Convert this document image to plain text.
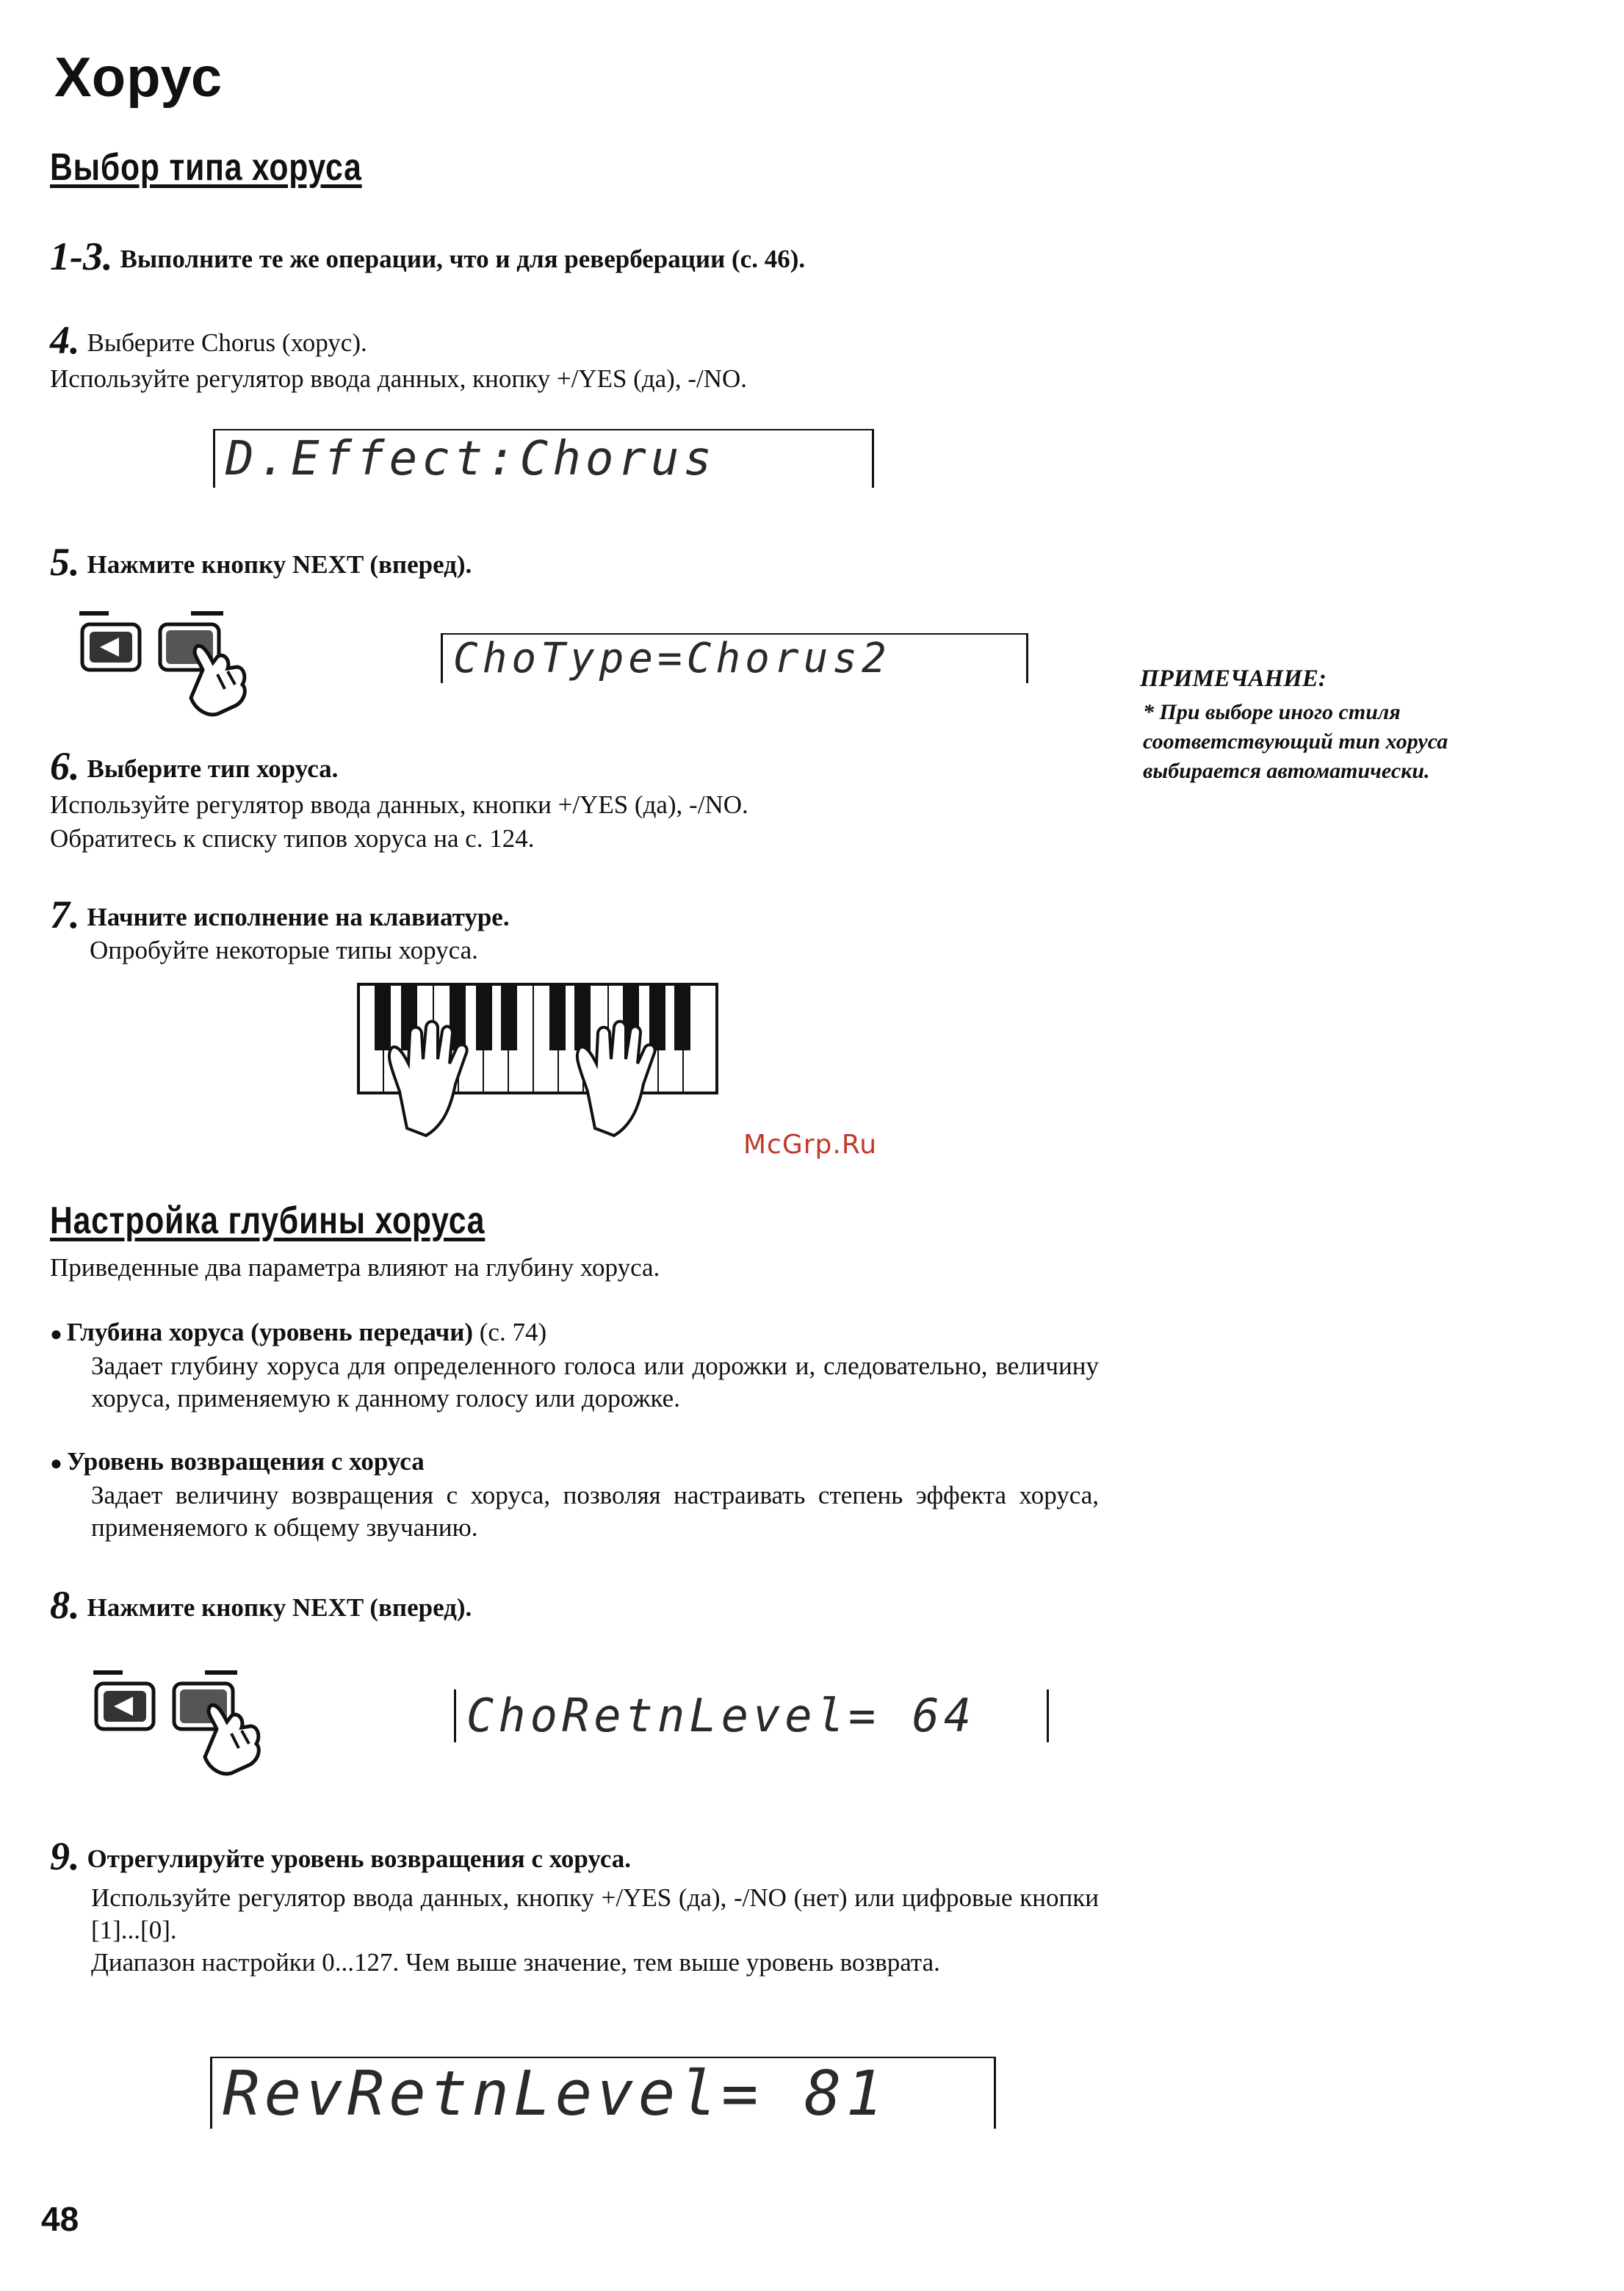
Хорус
Выбор типа хоруса
1-3. Выполните те же операции, что и для реверберации (с. 46).
4. Выберите Chorus (хорус).
Используйте регулятор ввода данных, кнопку +/YES (да), -/NO.
D.Effect:Chorus
5. Нажмите кнопку NEXT (вперед).
ChoType=Chorus2	ПРИМЕЧАНИЕ:
* При выборе иного стиля соответствующий тип хоруса выбирается автоматически.
6. Выберите тип хоруса.
Используйте регулятор ввода данных, кнопки +/YES (да), -/NO.
Обратитесь к списку типов хоруса на с. 124.
7. Начните исполнение на клавиатуре.
Опробуйте некоторые типы хоруса.
McGrp.Ru
Настройка глубины хоруса
Приведенные два параметра влияют на глубину хоруса.
● Глубина хоруса (уровень передачи) (с. 74)
Задает глубину хоруса для определенного голоса или дорожки и, следовательно, величину хоруса, применяемую к данному голосу или дорожке.
● Уровень возвращения с хоруса
Задает величину возвращения с хоруса, позволяя настраивать степень эффекта хоруса, применяемого к общему звучанию.
8. Нажмите кнопку NEXT (вперед).
ChoRetnLevel= 64
9. Отрегулируйте уровень возвращения с хоруса.
Используйте регулятор ввода данных, кнопку +/YES (да), -/NO (нет) или цифровые кнопки [1]...[0].
Диапазон настройки 0...127. Чем выше значение, тем выше уровень возврата.
RevRetnLevel= 81
48
